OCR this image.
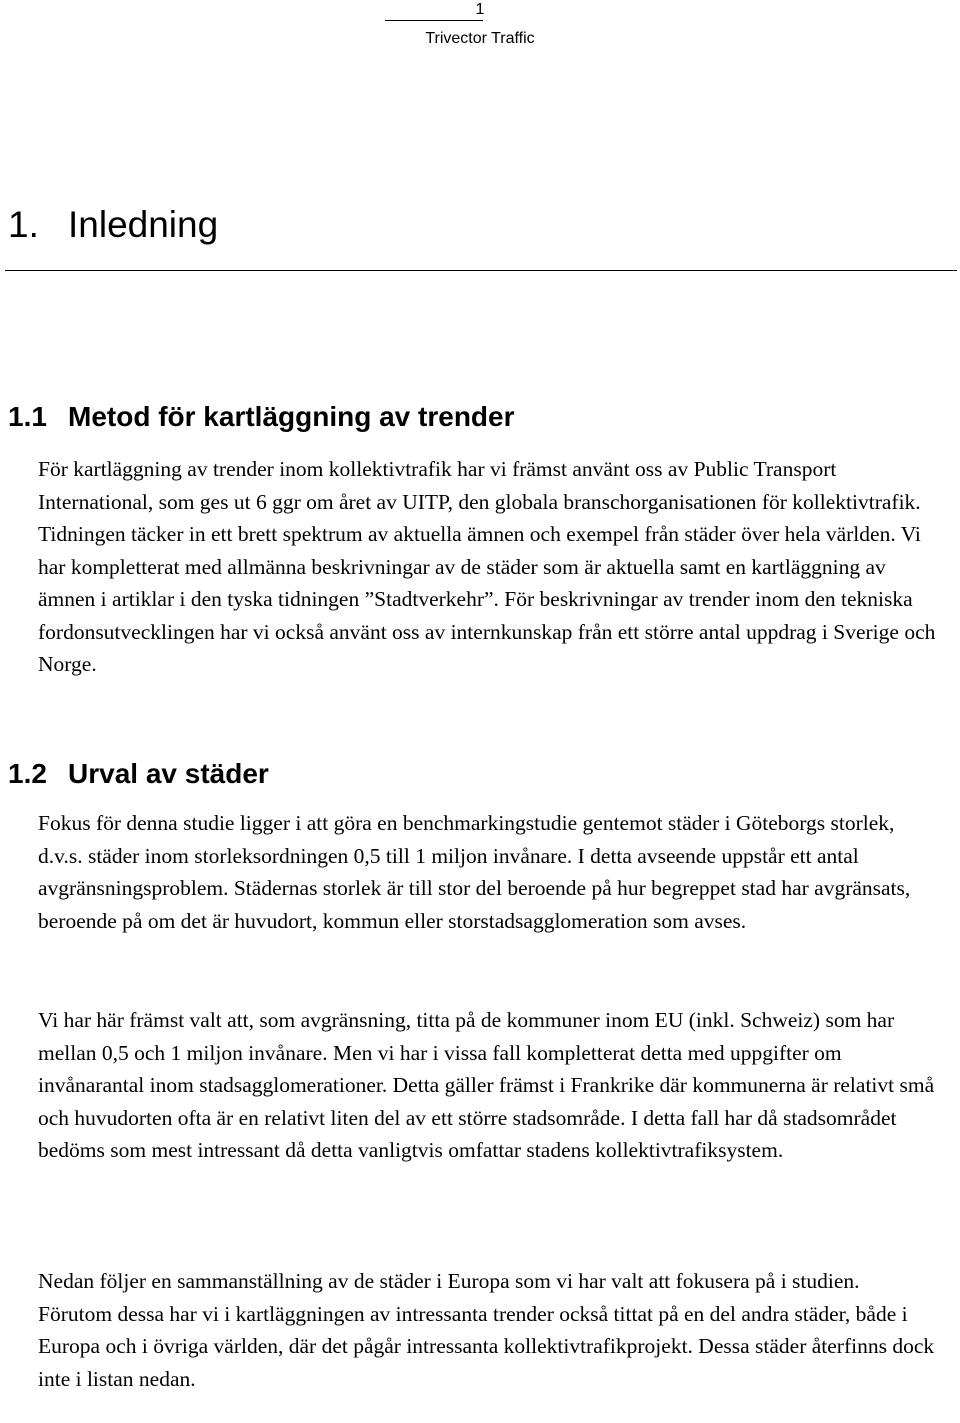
1
Trivector Traffic
1. Inledning
1.1 Metod för kartläggning av trender

För kartläggning av trender inom kollektivtrafik har vi främst använt oss av Public Transport International, som ges ut 6 ggr om året av UITP, den globala branschorganisationen för kollektivtrafik. Tidningen täcker in ett brett spektrum av aktuella ämnen och exempel från städer över hela världen. Vi har kompletterat med allmänna beskrivningar av de städer som är aktuella samt en kartläggning av ämnen i artiklar i den tyska tidningen ”Stadtverkehr”. För beskrivningar av trender inom den tekniska fordonsutvecklingen har vi också använt oss av internkunskap från ett större antal uppdrag i Sverige och Norge.

1.2 Urval av städer

Fokus för denna studie ligger i att göra en benchmarkingstudie gentemot städer i Göteborgs storlek, d.v.s. städer inom storleksordningen 0,5 till 1 miljon invånare. I detta avseende uppstår ett antal avgränsningsproblem. Städernas storlek är till stor del beroende på hur begreppet stad har avgränsats, beroende på om det är huvudort, kommun eller storstadsagglomeration som avses.

Vi har här främst valt att, som avgränsning, titta på de kommuner inom EU (inkl. Schweiz) som har mellan 0,5 och 1 miljon invånare. Men vi har i vissa fall kompletterat detta med uppgifter om invånarantal inom stadsagglomerationer. Detta gäller främst i Frankrike där kommunerna är relativt små och huvudorten ofta är en relativt liten del av ett större stadsområde. I detta fall har då stadsområdet bedöms som mest intressant då detta vanligtvis omfattar stadens kollektivtrafiksystem.

Nedan följer en sammanställning av de städer i Europa som vi har valt att fokusera på i studien. Förutom dessa har vi i kartläggningen av intressanta trender också tittat på en del andra städer, både i Europa och i övriga världen, där det pågår intressanta kollektivtrafikprojekt. Dessa städer återfinns dock inte i listan nedan.
